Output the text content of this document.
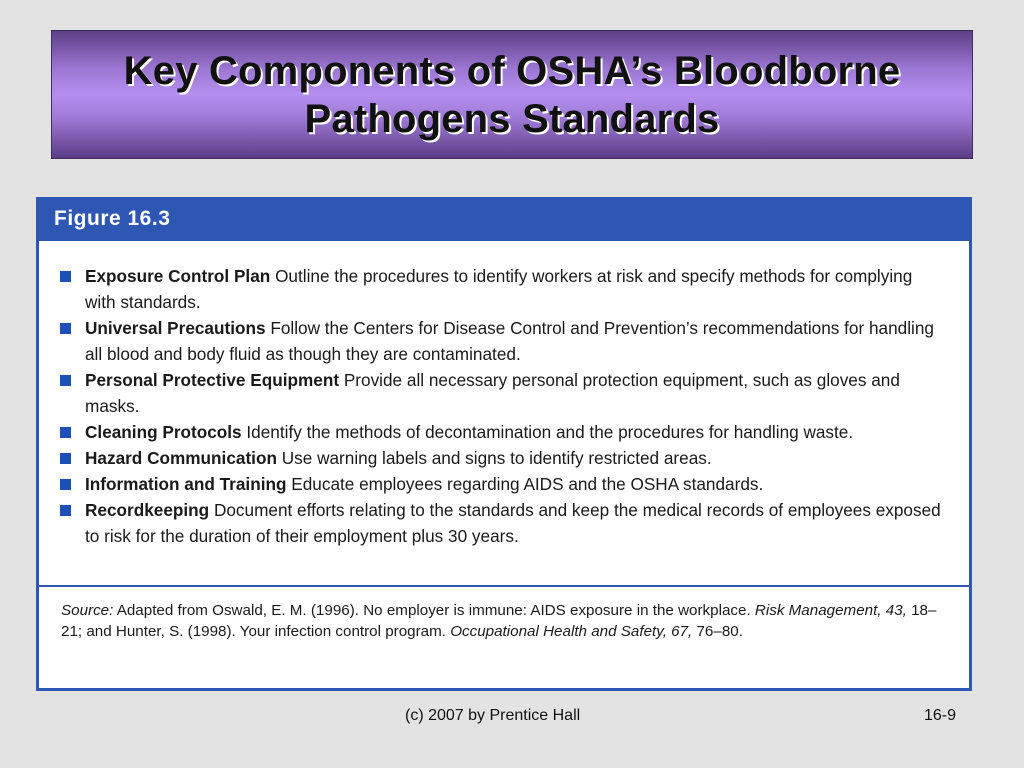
Key Components of OSHA’s Bloodborne
Pathogens Standards
Figure 16.3
Exposure Control Plan Outline the procedures to identify workers at risk and specify methods for complying with standards.
Universal Precautions Follow the Centers for Disease Control and Prevention’s recommendations for handling all blood and body fluid as though they are contaminated.
Personal Protective Equipment Provide all necessary personal protection equipment, such as gloves and masks.
Cleaning Protocols Identify the methods of decontamination and the procedures for handling waste.
Hazard Communication Use warning labels and signs to identify restricted areas.
Information and Training Educate employees regarding AIDS and the OSHA standards.
Recordkeeping Document efforts relating to the standards and keep the medical records of employees exposed to risk for the duration of their employment plus 30 years.
Source: Adapted from Oswald, E. M. (1996). No employer is immune: AIDS exposure in the workplace. Risk Management, 43, 18–21; and Hunter, S. (1998). Your infection control program. Occupational Health and Safety, 67, 76–80.
(c) 2007 by Prentice Hall	16-9
